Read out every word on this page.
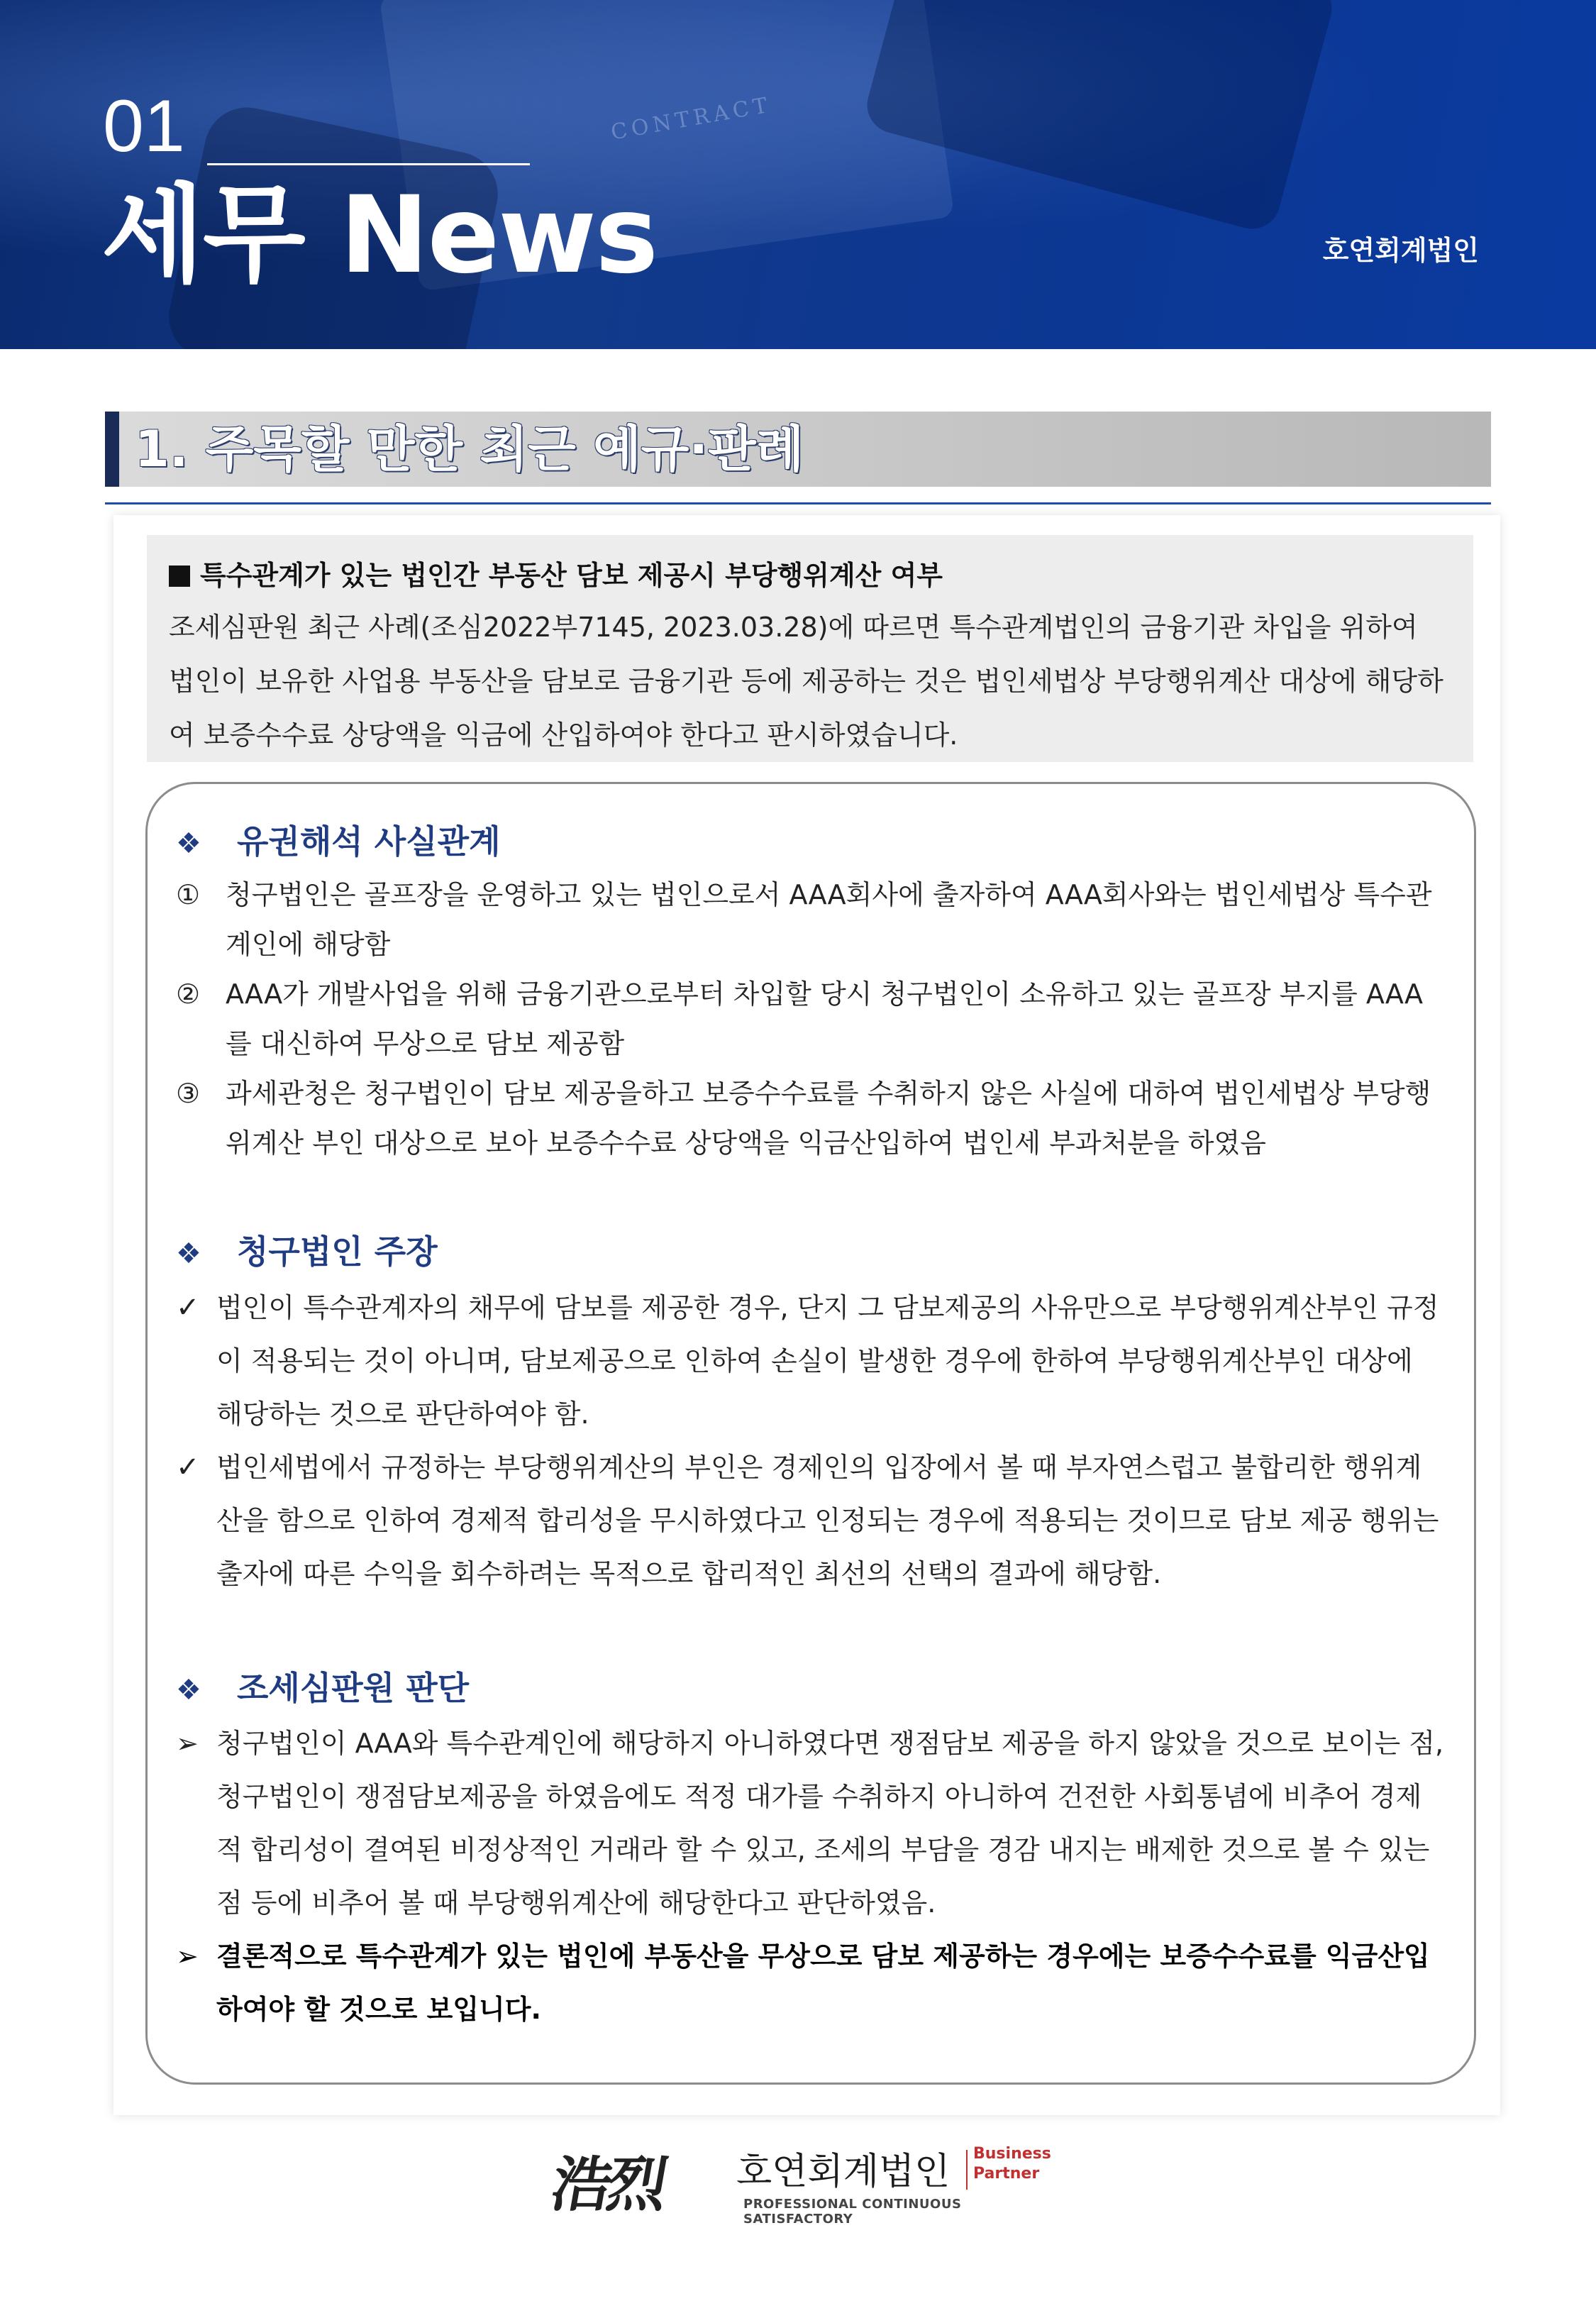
CONTRACT
01
세무 News	호연회계법인
1. 주목할 만한 최근 예규·판례
특수관계가 있는 법인간 부동산 담보 제공시 부당행위계산 여부
조세심판원 최근 사례(조심2022부7145, 2023.03.28)에 따르면 특수관계법인의 금융기관 차입을 위하여 법인이 보유한 사업용 부동산을 담보로 금융기관 등에 제공하는 것은 법인세법상 부당행위계산 대상에 해당하여 보증수수료 상당액을 익금에 산입하여야 한다고 판시하였습니다.
❖ 유권해석 사실관계

① 청구법인은 골프장을 운영하고 있는 법인으로서 AAA회사에 출자하여 AAA회사와는 법인세법상 특수관계인에 해당함

② AAA가 개발사업을 위해 금융기관으로부터 차입할 당시 청구법인이 소유하고 있는 골프장 부지를 AAA를 대신하여 무상으로 담보 제공함

③ 과세관청은 청구법인이 담보 제공을하고 보증수수료를 수취하지 않은 사실에 대하여 법인세법상 부당행위계산 부인 대상으로 보아 보증수수료 상당액을 익금산입하여 법인세 부과처분을 하였음

❖ 청구법인 주장

✓ 법인이 특수관계자의 채무에 담보를 제공한 경우, 단지 그 담보제공의 사유만으로 부당행위계산부인 규정이 적용되는 것이 아니며, 담보제공으로 인하여 손실이 발생한 경우에 한하여 부당행위계산부인 대상에 해당하는 것으로 판단하여야 함.

✓ 법인세법에서 규정하는 부당행위계산의 부인은 경제인의 입장에서 볼 때 부자연스럽고 불합리한 행위계산을 함으로 인하여 경제적 합리성을 무시하였다고 인정되는 경우에 적용되는 것이므로 담보 제공 행위는 출자에 따른 수익을 회수하려는 목적으로 합리적인 최선의 선택의 결과에 해당함.

❖ 조세심판원 판단

➢ 청구법인이 AAA와 특수관계인에 해당하지 아니하였다면 쟁점담보 제공을 하지 않았을 것으로 보이는 점, 청구법인이 쟁점담보제공을 하였음에도 적정 대가를 수취하지 아니하여 건전한 사회통념에 비추어 경제적 합리성이 결여된 비정상적인 거래라 할 수 있고, 조세의 부담을 경감 내지는 배제한 것으로 볼 수 있는 점 등에 비추어 볼 때 부당행위계산에 해당한다고 판단하였음.

➢ 결론적으로 특수관계가 있는 법인에 부동산을 무상으로 담보 제공하는 경우에는 보증수수료를 익금산입하여야 할 것으로 보입니다.

浩烈 호연회계법인 Business
Partner
PROFESSIONAL CONTINUOUS SATISFACTORY
